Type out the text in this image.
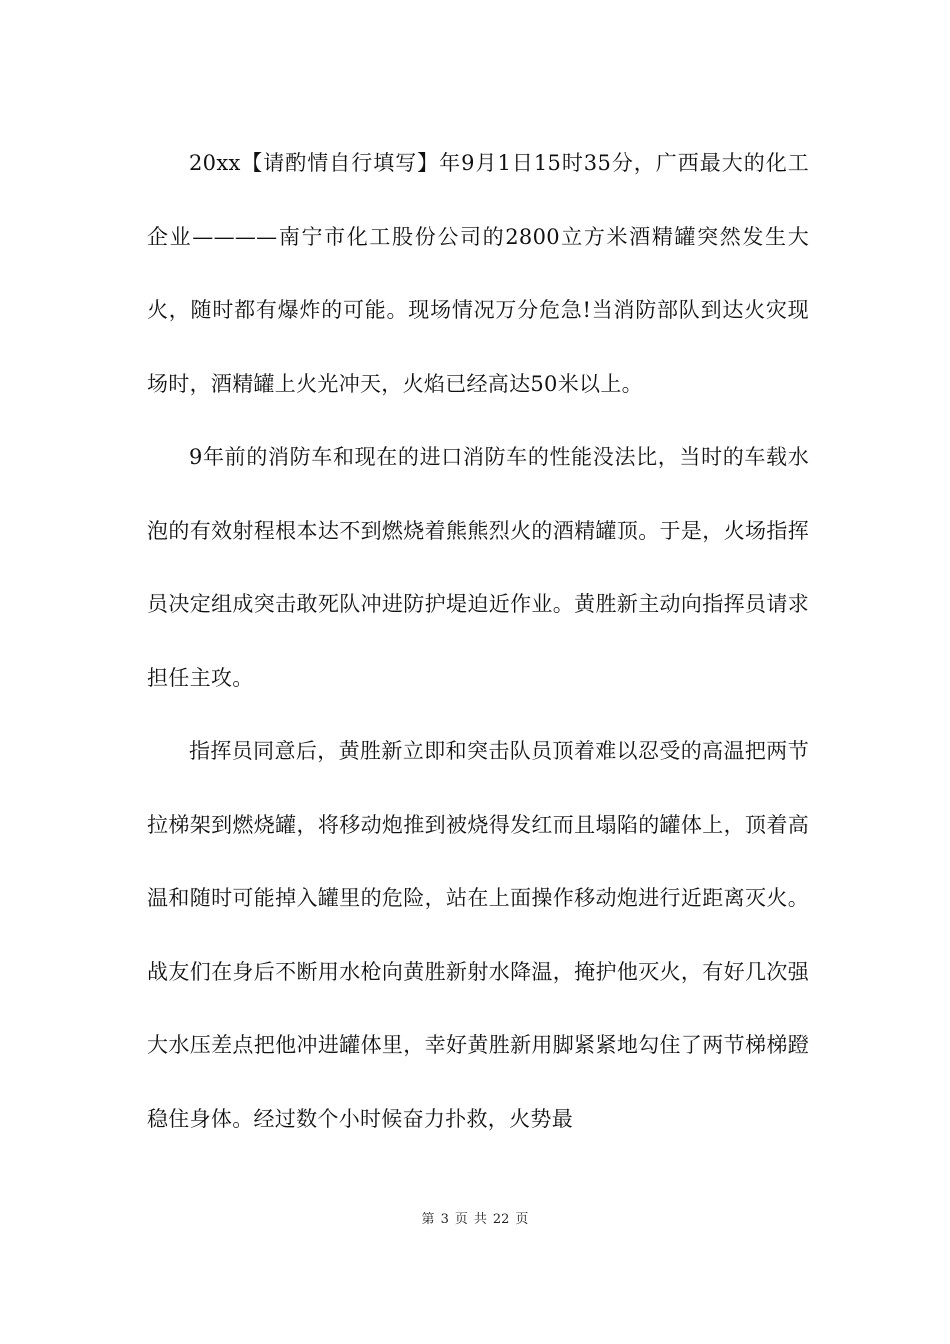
20xx【请酌情自行填写】年9月1日15时35分，广西最大的化工企业————南宁市化工股份公司的2800立方米酒精罐突然发生大火，随时都有爆炸的可能。现场情况万分危急!当消防部队到达火灾现场时，酒精罐上火光冲天，火焰已经高达50米以上。

9年前的消防车和现在的进口消防车的性能没法比，当时的车载水泡的有效射程根本达不到燃烧着熊熊烈火的酒精罐顶。于是，火场指挥员决定组成突击敢死队冲进防护堤迫近作业。黄胜新主动向指挥员请求担任主攻。

指挥员同意后，黄胜新立即和突击队员顶着难以忍受的高温把两节拉梯架到燃烧罐，将移动炮推到被烧得发红而且塌陷的罐体上，顶着高温和随时可能掉入罐里的危险，站在上面操作移动炮进行近距离灭火。战友们在身后不断用水枪向黄胜新射水降温，掩护他灭火，有好几次强大水压差点把他冲进罐体里，幸好黄胜新用脚紧紧地勾住了两节梯梯蹬稳住身体。经过数个小时候奋力扑救，火势最

第 3 页 共 22 页
